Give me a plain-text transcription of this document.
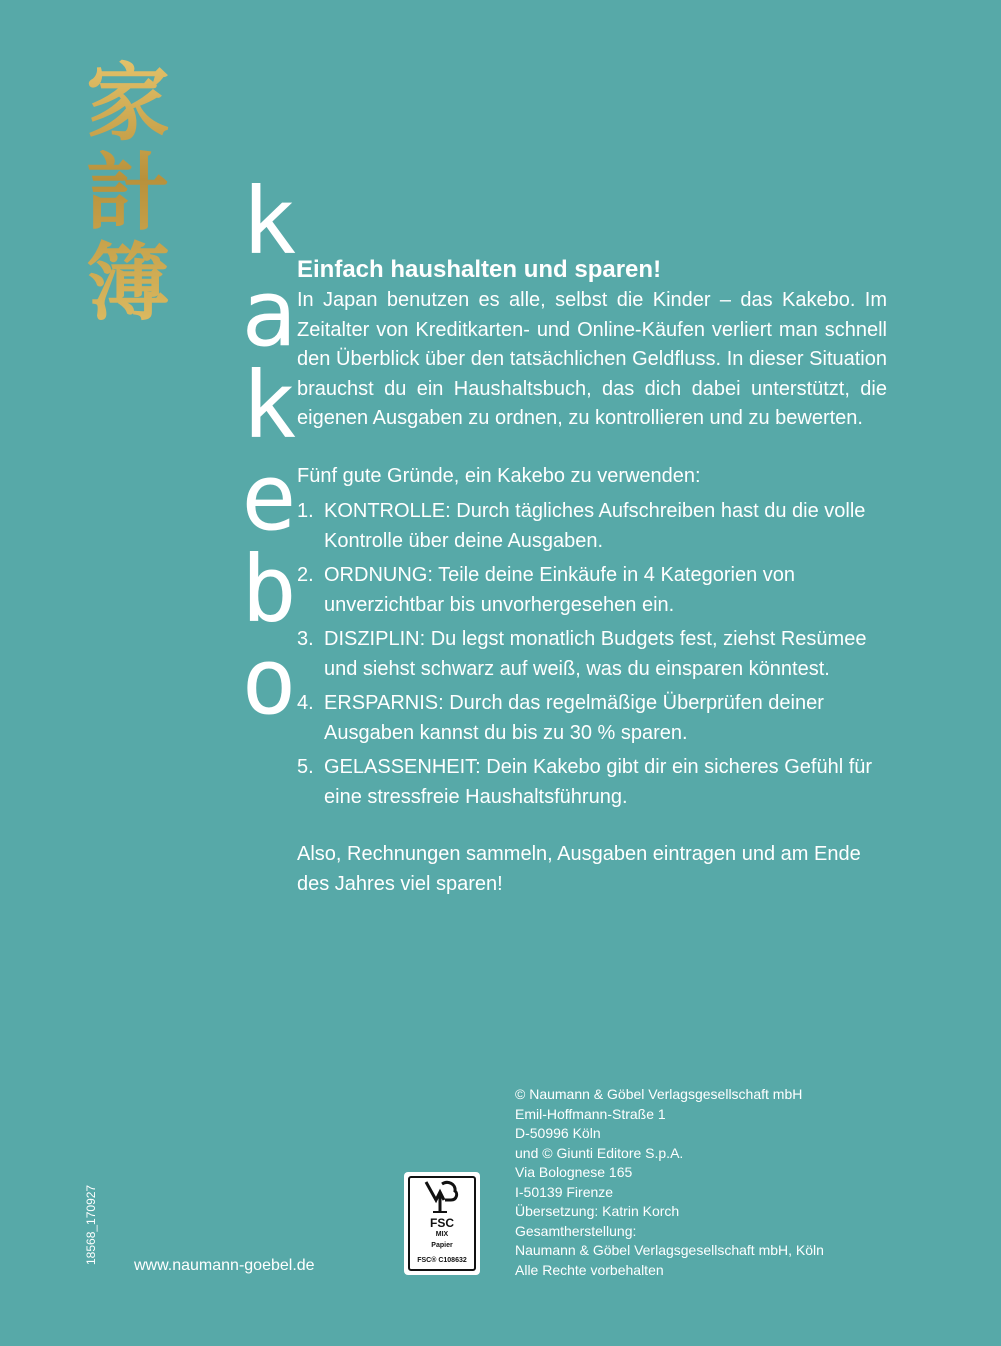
家
計
簿
obekak
Einfach haushalten und sparen!

In Japan benutzen es alle, selbst die Kinder – das Kakebo. Im Zeitalter von Kreditkarten- und Online-Käufen verliert man schnell den Überblick über den tatsächlichen Geldfluss. In dieser Situation brauchst du ein Haushaltsbuch, das dich dabei unterstützt, die eigenen Ausgaben zu ordnen, zu kontrollieren und zu bewerten.

Fünf gute Gründe, ein Kakebo zu verwenden:

1. KONTROLLE: Durch tägliches Aufschreiben hast du die volle Kontrolle über deine Ausgaben.
2. ORDNUNG: Teile deine Einkäufe in 4 Kategorien von unverzichtbar bis unvorhergesehen ein.
3. DISZIPLIN: Du legst monatlich Budgets fest, ziehst Resümee und siehst schwarz auf weiß, was du einsparen könntest.
4. ERSPARNIS: Durch das regelmäßige Überprüfen deiner Ausgaben kannst du bis zu 30 % sparen.
5. GELASSENHEIT: Dein Kakebo gibt dir ein sicheres Gefühl für eine stressfreie Haushaltsführung.

Also, Rechnungen sammeln, Ausgaben eintragen und am Ende des Jahres viel sparen!

© Naumann & Göbel Verlagsgesellschaft mbH
Emil-Hoffmann-Straße 1
D-50996 Köln
und © Giunti Editore S.p.A.
Via Bolognese 165
I-50139 Firenze
Übersetzung: Katrin Korch
Gesamtherstellung:
Naumann & Göbel Verlagsgesellschaft mbH, Köln
Alle Rechte vorbehalten
FSC
MIX
Papier
FSC® C108632
www.naumann-goebel.de
18568_170927
